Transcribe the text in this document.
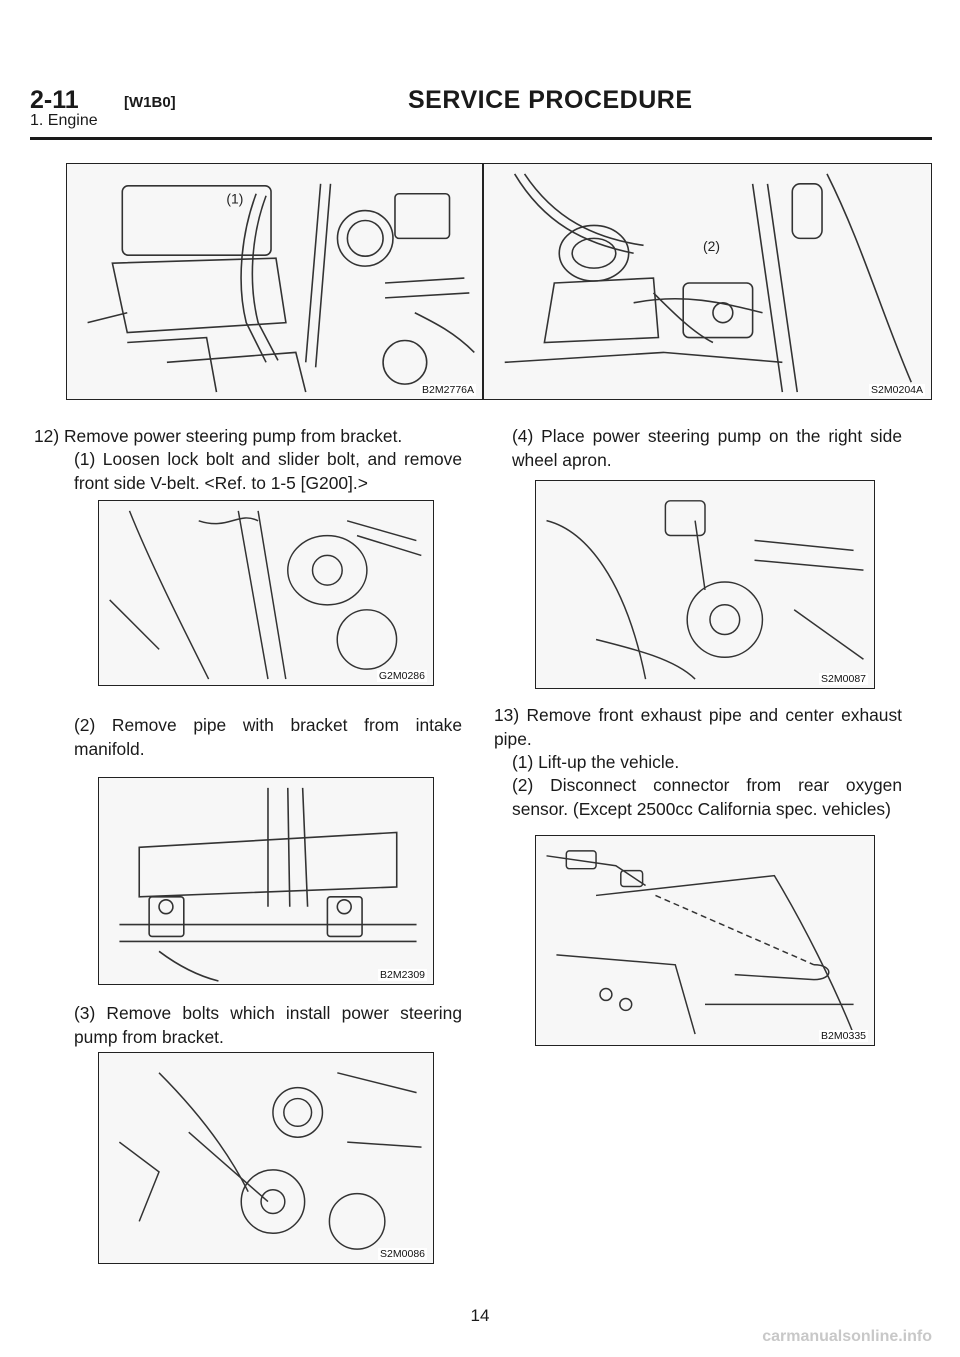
2-11	[W1B0]	SERVICE PROCEDURE
1. Engine
(1)
B2M2776A
(2)
S2M0204A
12) Remove power steering pump from bracket.
(1) Loosen lock bolt and slider bolt, and remove front side V-belt. <Ref. to 1-5 [G200].>
G2M0286
(2) Remove pipe with bracket from intake manifold.
B2M2309
(3) Remove bolts which install power steering pump from bracket.
S2M0086
(4) Place power steering pump on the right side wheel apron.
S2M0087
13) Remove front exhaust pipe and center exhaust pipe.
(1) Lift-up the vehicle.
(2) Disconnect connector from rear oxygen sensor. (Except 2500cc California spec. vehicles)
B2M0335
14
carmanualsonline.info
